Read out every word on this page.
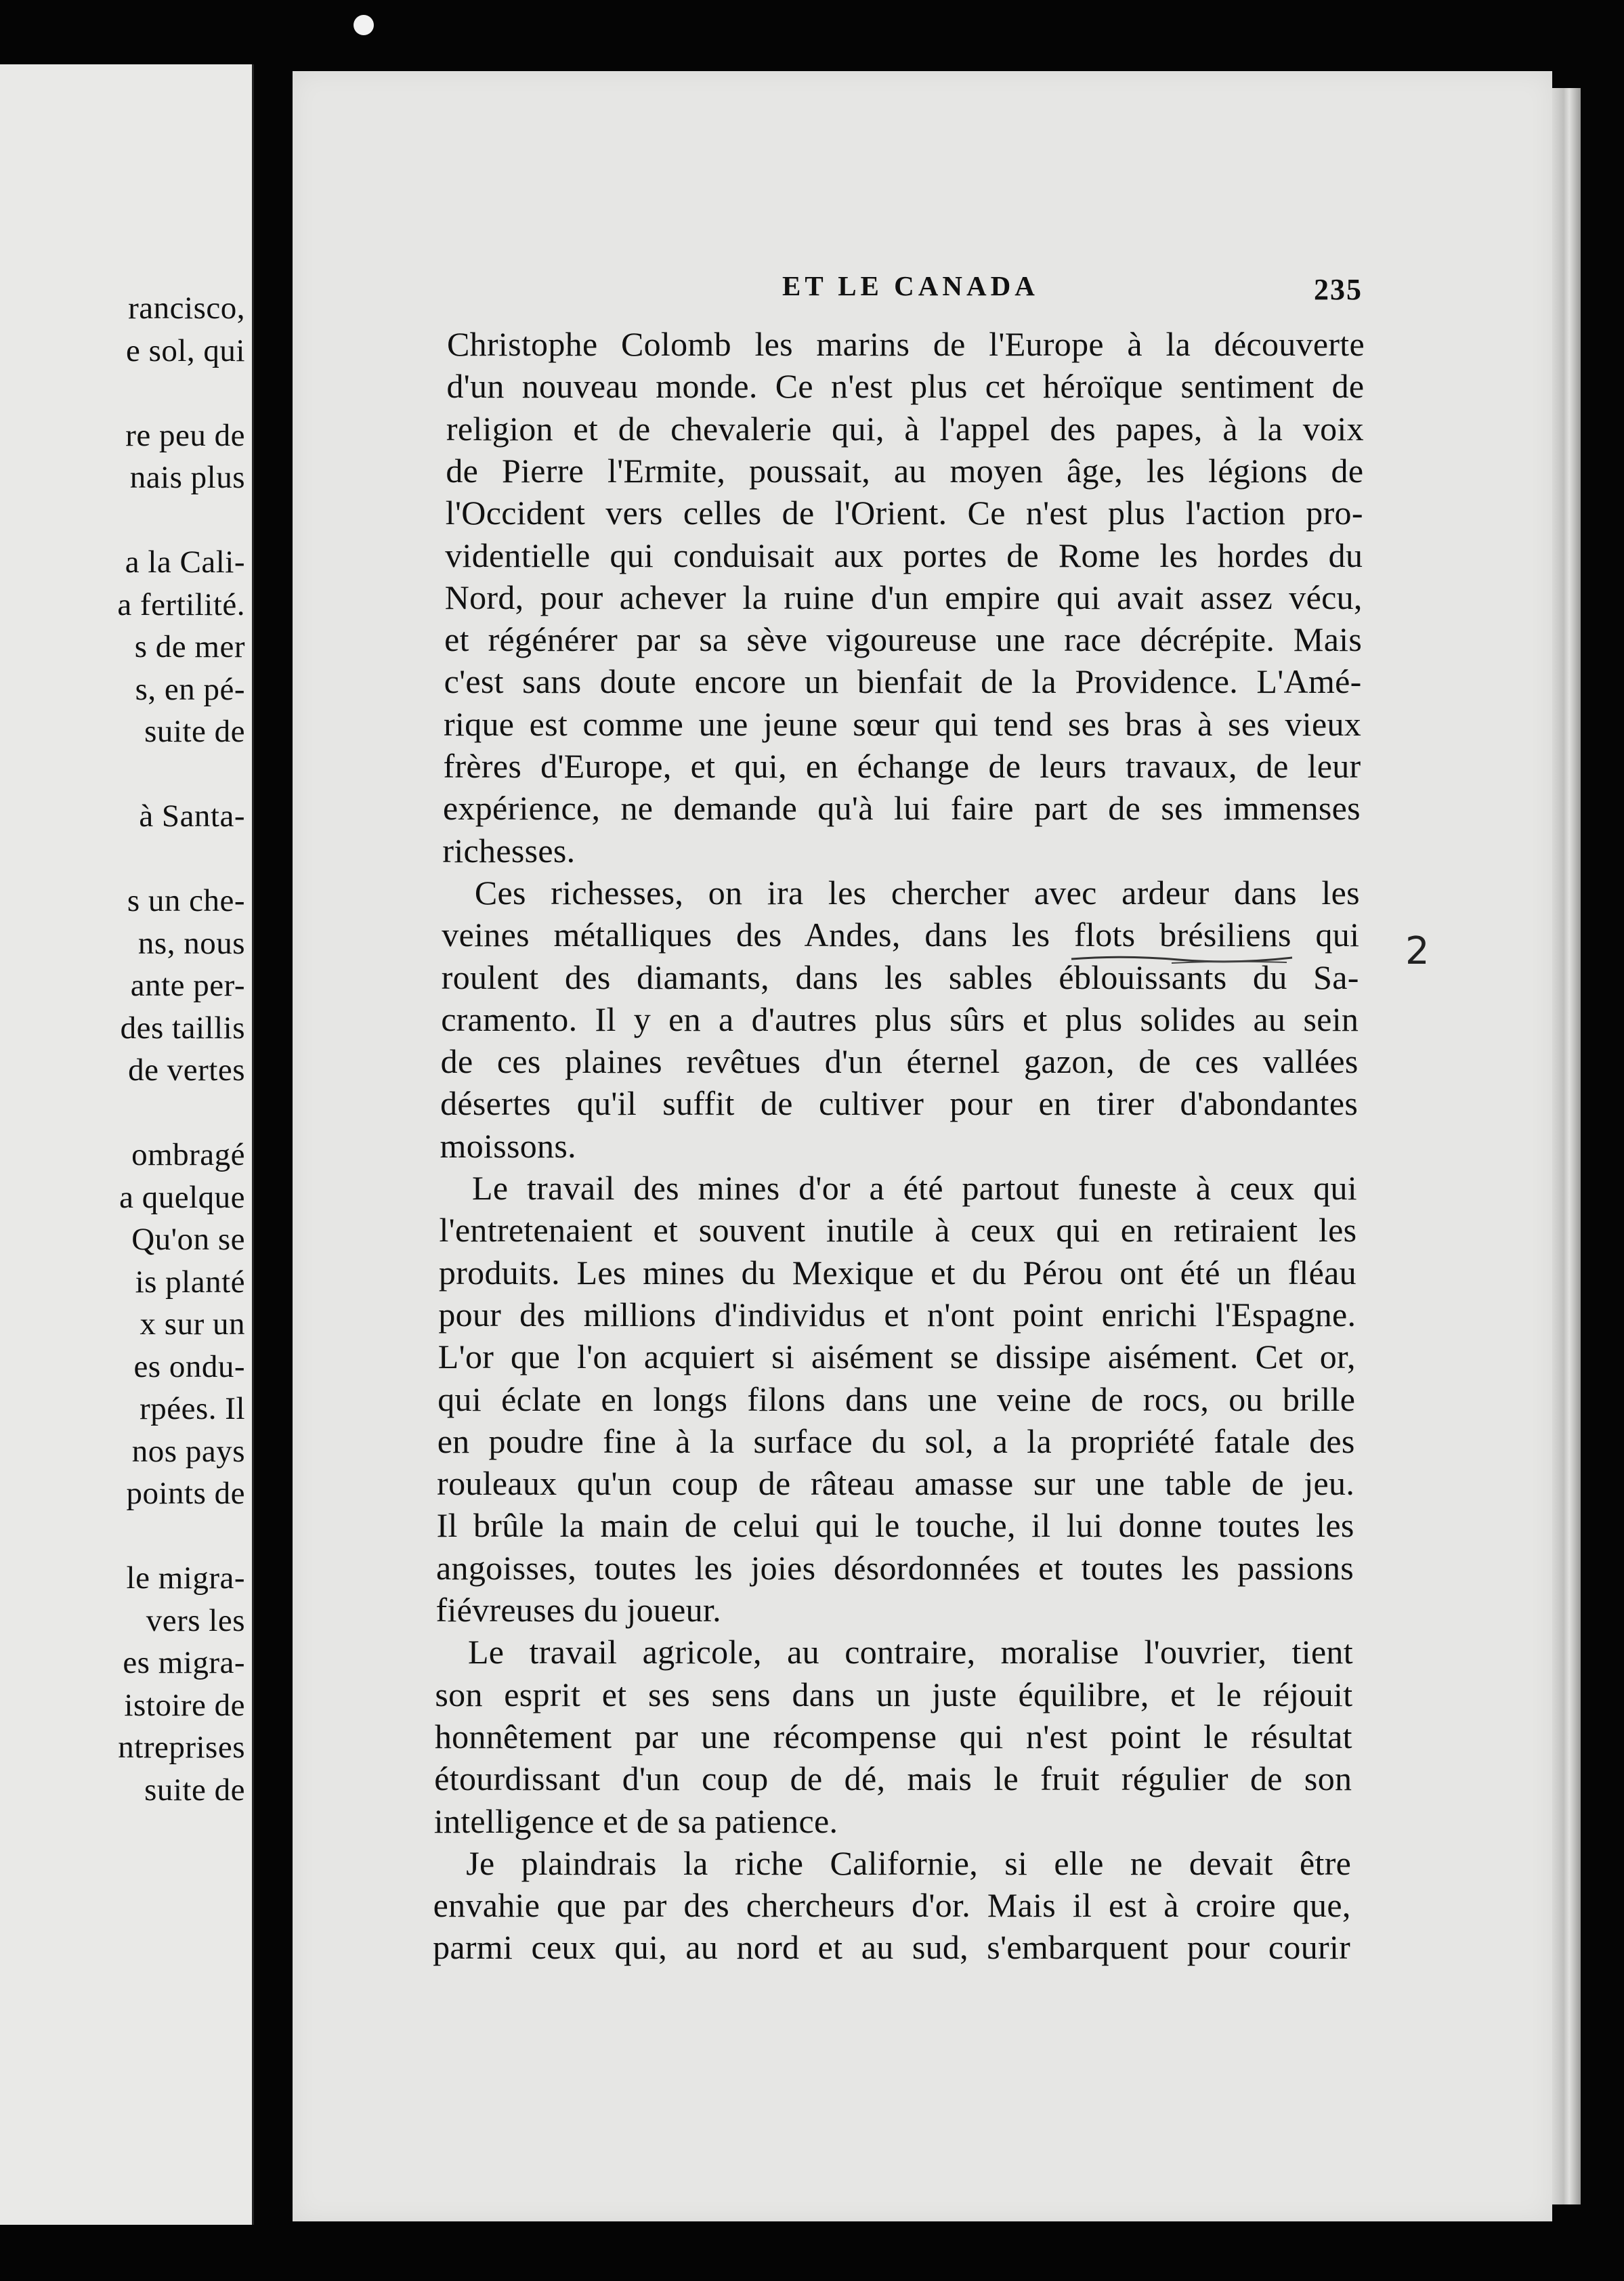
rancisco,
e sol, qui
re peu de
nais plus
a la Cali-
a fertilité.
s de mer
s, en pé-
suite de
à Santa-
s un che-
ns, nous
ante per-
des taillis
de vertes
ombragé
a quelque
Qu'on se
is planté
x sur un
es ondu-
rpées. Il
nos pays
points de
le migra-
vers les
es migra-
istoire de
ntreprises
suite de
ET LE CANADA	235
Christophe Colomb les marins de l'Europe à la découverte
d'un nouveau monde. Ce n'est plus cet héroïque sentiment de
religion et de chevalerie qui, à l'appel des papes, à la voix
de Pierre l'Ermite, poussait, au moyen âge, les légions de
l'Occident vers celles de l'Orient. Ce n'est plus l'action pro-
videntielle qui conduisait aux portes de Rome les hordes du
Nord, pour achever la ruine d'un empire qui avait assez vécu,
et régénérer par sa sève vigoureuse une race décrépite. Mais
c'est sans doute encore un bienfait de la Providence. L'Amé-
rique est comme une jeune sœur qui tend ses bras à ses vieux
frères d'Europe, et qui, en échange de leurs travaux, de leur
expérience, ne demande qu'à lui faire part de ses immenses
richesses.
Ces richesses, on ira les chercher avec ardeur dans les
veines métalliques des Andes, dans les flots brésiliens qui
roulent des diamants, dans les sables éblouissants du Sa-
cramento. Il y en a d'autres plus sûrs et plus solides au sein
de ces plaines revêtues d'un éternel gazon, de ces vallées
désertes qu'il suffit de cultiver pour en tirer d'abondantes
moissons.
Le travail des mines d'or a été partout funeste à ceux qui
l'entretenaient et souvent inutile à ceux qui en retiraient les
produits. Les mines du Mexique et du Pérou ont été un fléau
pour des millions d'individus et n'ont point enrichi l'Espagne.
L'or que l'on acquiert si aisément se dissipe aisément. Cet or,
qui éclate en longs filons dans une veine de rocs, ou brille
en poudre fine à la surface du sol, a la propriété fatale des
rouleaux qu'un coup de râteau amasse sur une table de jeu.
Il brûle la main de celui qui le touche, il lui donne toutes les
angoisses, toutes les joies désordonnées et toutes les passions
fiévreuses du joueur.
Le travail agricole, au contraire, moralise l'ouvrier, tient
son esprit et ses sens dans un juste équilibre, et le réjouit
honnêtement par une récompense qui n'est point le résultat
étourdissant d'un coup de dé, mais le fruit régulier de son
intelligence et de sa patience.
Je plaindrais la riche Californie, si elle ne devait être
envahie que par des chercheurs d'or. Mais il est à croire que,
parmi ceux qui, au nord et au sud, s'embarquent pour courir
2
